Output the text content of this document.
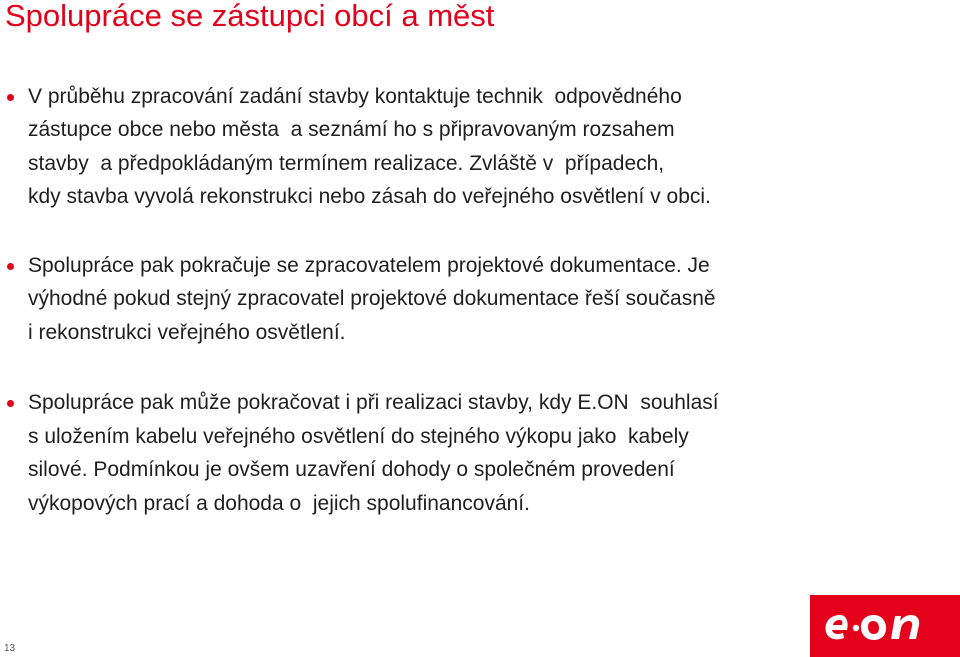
Spolupráce se zástupci obcí a měst
V průběhu zpracování zadání stavby kontaktuje technik  odpovědného
zástupce obce nebo města  a seznámí ho s připravovaným rozsahem
stavby  a předpokládaným termínem realizace. Zvláště v  případech,
kdy stavba vyvolá rekonstrukci nebo zásah do veřejného osvětlení v obci.
Spolupráce pak pokračuje se zpracovatelem projektové dokumentace. Je
výhodné pokud stejný zpracovatel projektové dokumentace řeší současně
i rekonstrukci veřejného osvětlení.
Spolupráce pak může pokračovat i při realizaci stavby, kdy E.ON  souhlasí
s uložením kabelu veřejného osvětlení do stejného výkopu jako  kabely
silové. Podmínkou je ovšem uzavření dohody o společném provedení
výkopových prací a dohoda o  jejich spolufinancování.
13
